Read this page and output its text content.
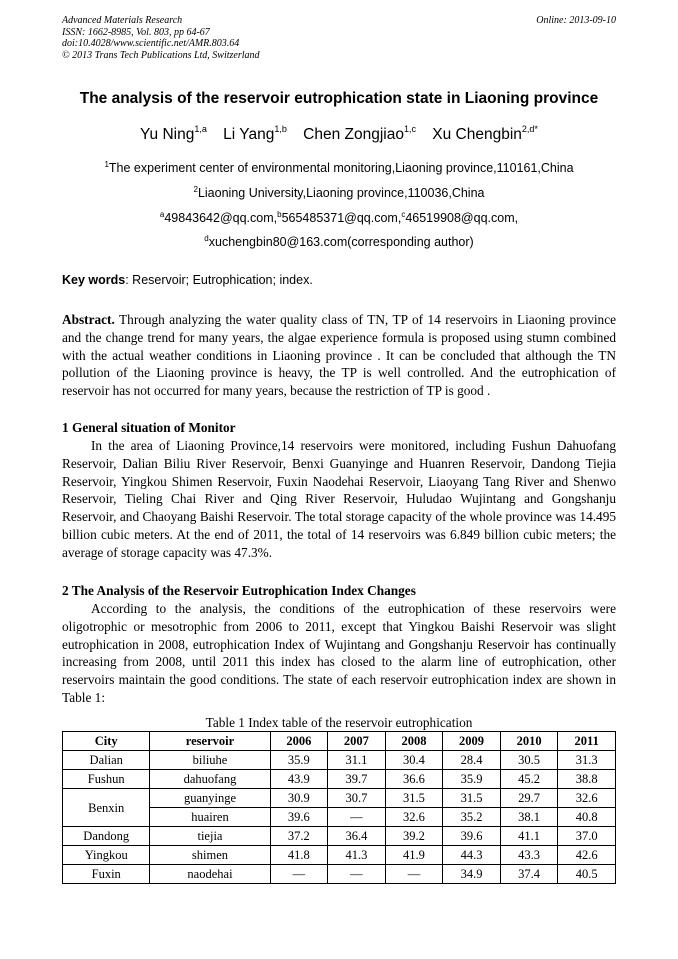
Advanced Materials Research
ISSN: 1662-8985, Vol. 803, pp 64-67
doi:10.4028/www.scientific.net/AMR.803.64
© 2013 Trans Tech Publications Ltd, Switzerland
Online: 2013-09-10
The analysis of the reservoir eutrophication state in Liaoning province
Yu Ning$^{1,a}$ Li Yang$^{1,b}$ Chen Zongjiao$^{1,c}$ Xu Chengbin$^{2,d*}$
$^1$The experiment center of environmental monitoring,Liaoning province,110161,China
$^2$Liaoning University,Liaoning province,110036,China
$^a$49843642@qq.com,$^b$565485371@qq.com,$^c$46519908@qq.com,
$^d$xuchengbin80@163.com(corresponding author)
Key words: Reservoir; Eutrophication; index.
Abstract. Through analyzing the water quality class of TN, TP of 14 reservoirs in Liaoning province and the change trend for many years, the algae experience formula is proposed using stumn combined with the actual weather conditions in Liaoning province . It can be concluded that although the TN pollution of the Liaoning province is heavy, the TP is well controlled. And the eutrophication of reservoir has not occurred for many years, because the restriction of TP is good .
1 General situation of Monitor
In the area of Liaoning Province,14 reservoirs were monitored, including Fushun Dahuofang Reservoir, Dalian Biliu River Reservoir, Benxi Guanyinge and Huanren Reservoir, Dandong Tiejia Reservoir, Yingkou Shimen Reservoir, Fuxin Naodehai Reservoir, Liaoyang Tang River and Shenwo Reservoir, Tieling Chai River and Qing River Reservoir, Huludao Wujintang and Gongshanju Reservoir, and Chaoyang Baishi Reservoir. The total storage capacity of the whole province was 14.495 billion cubic meters. At the end of 2011, the total of 14 reservoirs was 6.849 billion cubic meters; the average of storage capacity was 47.3%.
2 The Analysis of the Reservoir Eutrophication Index Changes
According to the analysis, the conditions of the eutrophication of these reservoirs were oligotrophic or mesotrophic from 2006 to 2011, except that Yingkou Baishi Reservoir was slight eutrophication in 2008, eutrophication Index of Wujintang and Gongshanju Reservoir has continually increasing from 2008, until 2011 this index has closed to the alarm line of eutrophication, other reservoirs maintain the good conditions. The state of each reservoir eutrophication index are shown in Table 1:
Table 1 Index table of the reservoir eutrophication
City	reservoir	2006	2007	2008	2009	2010	2011
Dalian	biliuhe	35.9	31.1	30.4	28.4	30.5	31.3
Fushun	dahuofang	43.9	39.7	36.6	35.9	45.2	38.8
Benxin	guanyinge	30.9	30.7	31.5	31.5	29.7	32.6
	huairen	39.6	—	32.6	35.2	38.1	40.8
Dandong	tiejia	37.2	36.4	39.2	39.6	41.1	37.0
Yingkou	shimen	41.8	41.3	41.9	44.3	43.3	42.6
Fuxin	naodehai	—	—	—	34.9	37.4	40.5
